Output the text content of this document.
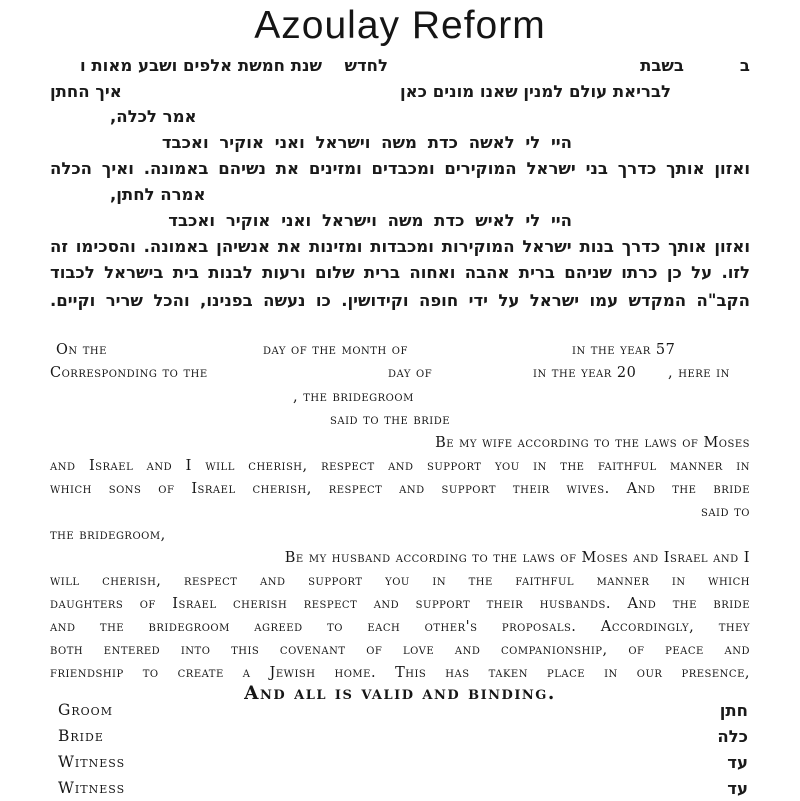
Azoulay Reform
ב
בשבת
לחדש
שנת חמשת אלפים ושבע מאות ו
לבריאת עולם למנין שאנו מונים כאן
איך החתן
אמר לכלה,
היי לי לאשה כדת משה וישראל ואני אוקיר ואכבד
ואזון אותך כדרך בני ישראל המוקירים ומכבדים ומזינים את נשיהם באמונה. ואיך הכלה
אמרה לחתן,
היי לי לאיש כדת משה וישראל ואני אוקיר ואכבד
ואזון אותך כדרך בנות ישראל המוקירות ומכבדות ומזינות את אנשיהן באמונה. והסכימו זה
לזו. על כן כרתו שניהם ברית אהבה ואחוה ברית שלום ורעות לבנות בית בישראל לכבוד
הקב"ה המקדש עמו ישראל על ידי חופה וקידושין. כו נעשה בפנינו, והכל שריר וקיים.
On the	day of the month of	in the year 57
Corresponding to the	day of	in the year 20 , here in
, the bridegroom
said to the bride
Be my wife according to the laws of Moses
and Israel and I will cherish, respect and support you in the faithful manner in
which sons of Israel cherish, respect and support their wives. And the bride
said to
the bridegroom,
Be my husband according to the laws of Moses and Israel and I
will cherish, respect and support you in the faithful manner in which
daughters of Israel cherish respect and support their husbands. And the bride
and the bridegroom agreed to each other's proposals. Accordingly, they
both entered into this covenant of love and companionship, of peace and
friendship to create a Jewish home. This has taken place in our presence,
And all is valid and binding.
Groom	חתן
Bride	כלה
Witness	עד
Witness	עד
